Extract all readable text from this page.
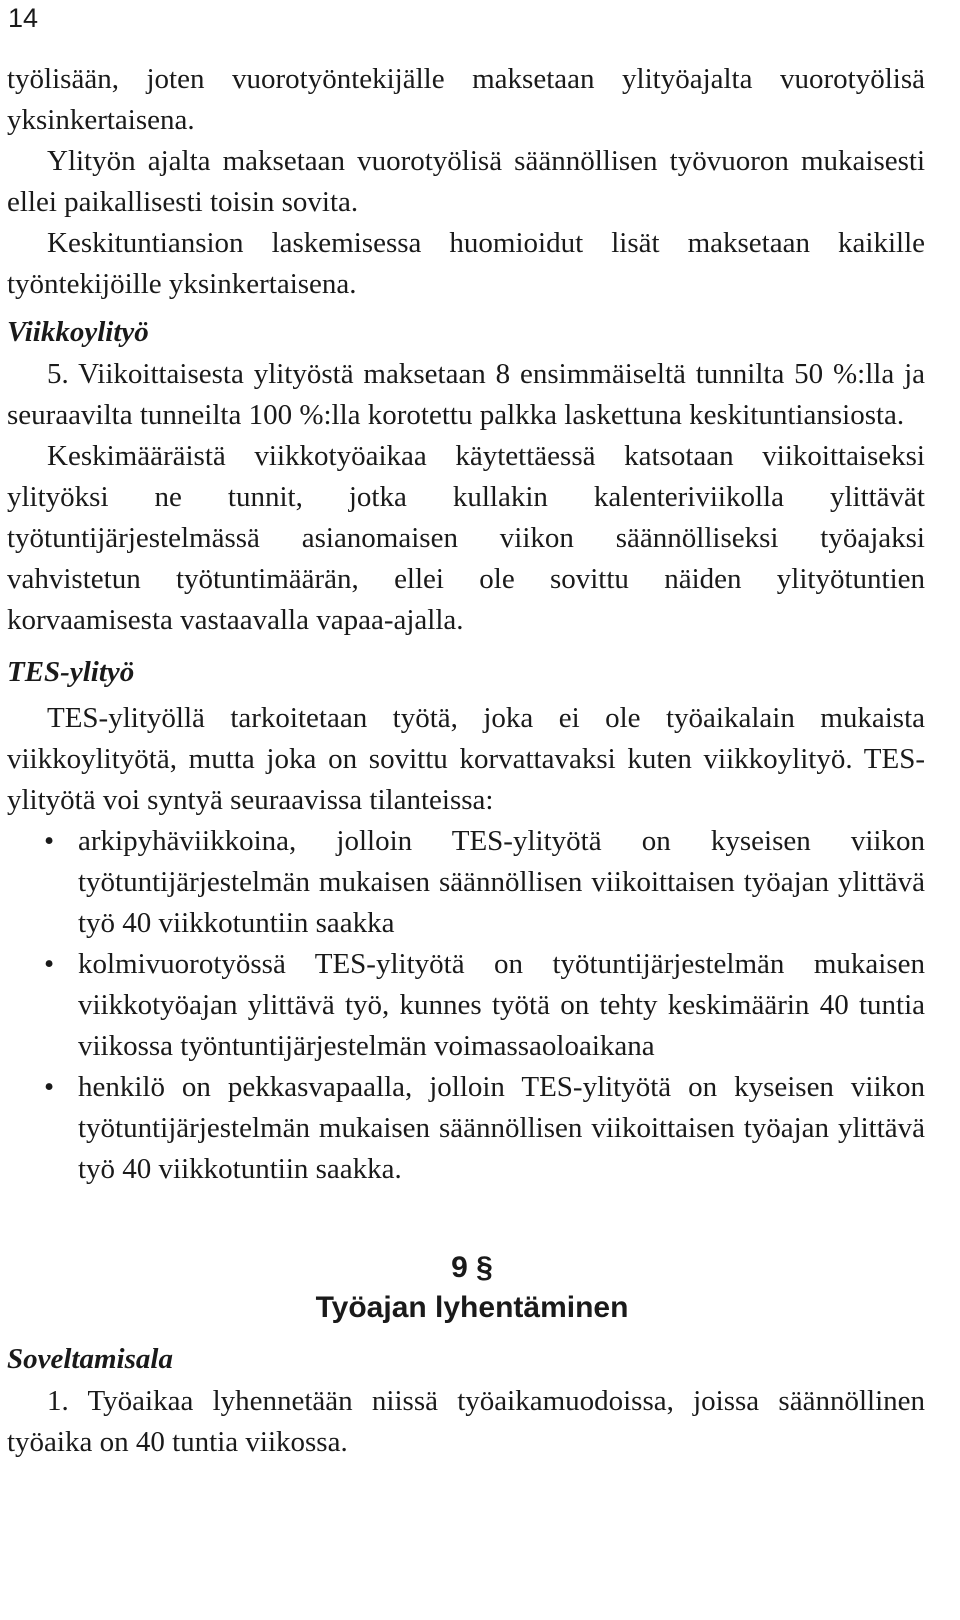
14

työlisään, joten vuorotyöntekijälle maksetaan ylityöajalta vuorotyölisä yksinkertaisena.

Ylityön ajalta maksetaan vuorotyölisä säännöllisen työvuoron mukaisesti ellei paikallisesti toisin sovita.

Keskituntiansion laskemisessa huomioidut lisät maksetaan kaikille työntekijöille yksinkertaisena.

Viikkoylityö

5. Viikoittaisesta ylityöstä maksetaan 8 ensimmäiseltä tunnilta 50 %:lla ja seuraavilta tunneilta 100 %:lla korotettu palkka laskettuna keskituntiansiosta.

Keskimääräistä viikkotyöaikaa käytettäessä katsotaan viikoittaiseksi ylityöksi ne tunnit, jotka kullakin kalenteriviikolla ylittävät työtuntijärjestelmässä asianomaisen viikon säännölliseksi työajaksi vahvistetun työtuntimäärän, ellei ole sovittu näiden ylityötuntien korvaamisesta vastaavalla vapaa-ajalla.

TES-ylityö

TES-ylityöllä tarkoitetaan työtä, joka ei ole työaikalain mukaista viikkoylityötä, mutta joka on sovittu korvattavaksi kuten viikkoylityö. TES-ylityötä voi syntyä seuraavissa tilanteissa:

• arkipyhäviikkoina, jolloin TES-ylityötä on kyseisen viikon työtuntijärjestelmän mukaisen säännöllisen viikoittaisen työajan ylittävä työ 40 viikkotuntiin saakka
• kolmivuorotyössä TES-ylityötä on työtuntijärjestelmän mukaisen viikkotyöajan ylittävä työ, kunnes työtä on tehty keskimäärin 40 tuntia viikossa työntuntijärjestelmän voimassaoloaikana
• henkilö on pekkasvapaalla, jolloin TES-ylityötä on kyseisen viikon työtuntijärjestelmän mukaisen säännöllisen viikoittaisen työajan ylittävä työ 40 viikkotuntiin saakka.
9 §
Työajan lyhentäminen

Soveltamisala

1. Työaikaa lyhennetään niissä työaikamuodoissa, joissa säännöllinen työaika on 40 tuntia viikossa.
